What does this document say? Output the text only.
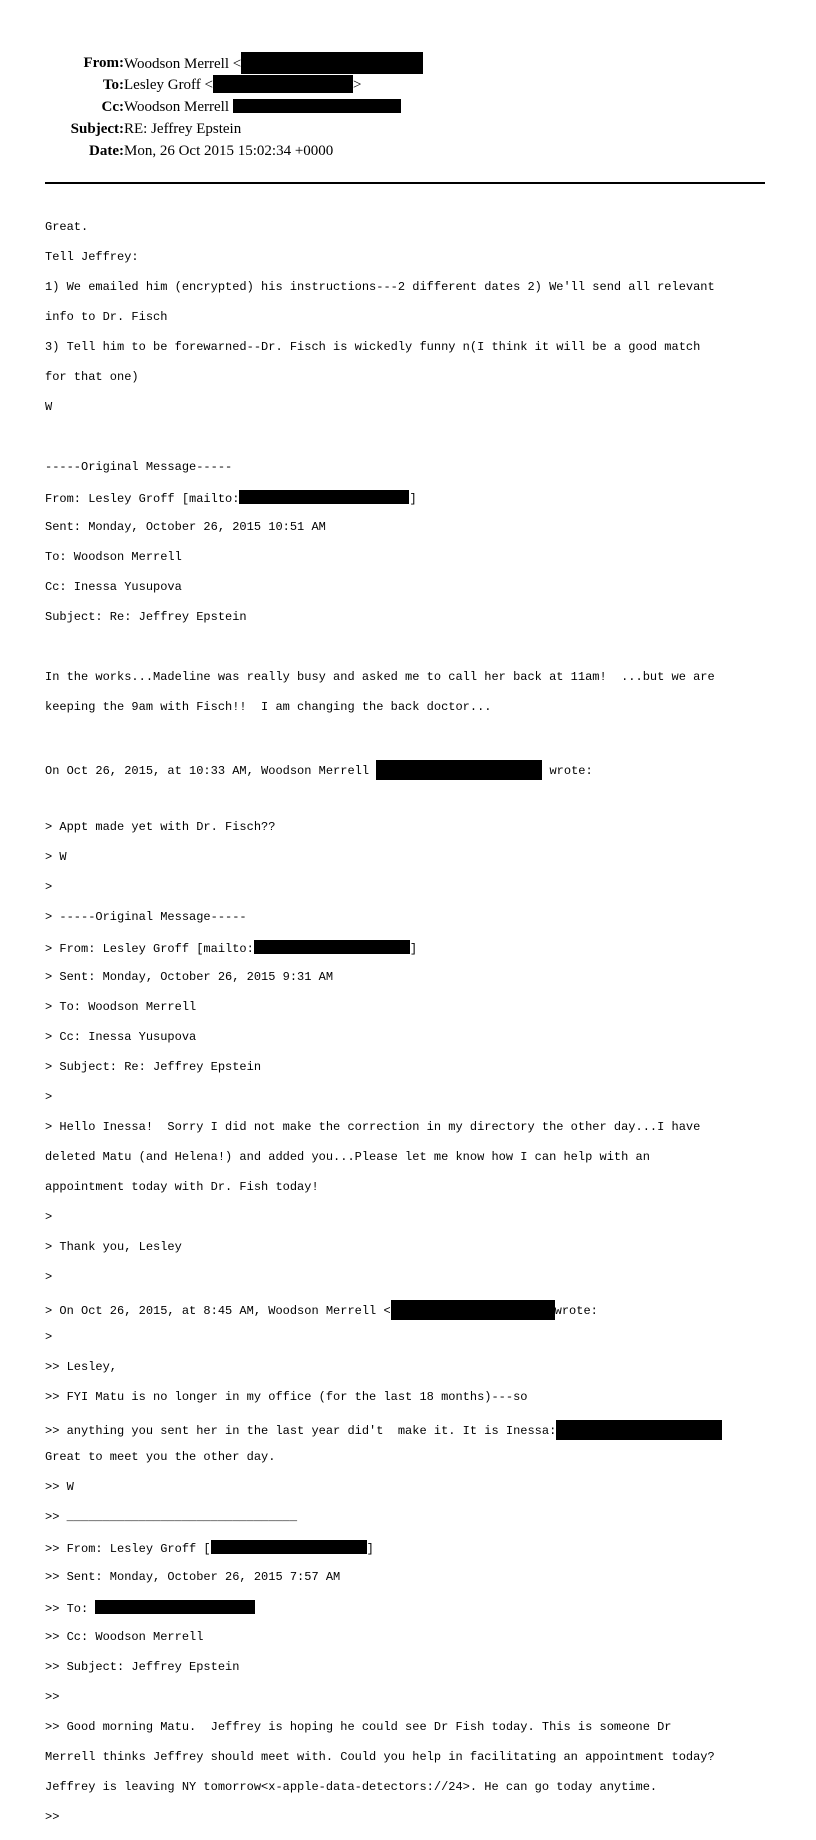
From: Woodson Merrell <
To: Lesley Groff <	>
Cc: Woodson Merrell
Subject: RE: Jeffrey Epstein
Date: Mon, 26 Oct 2015 15:02:34 +0000

Great.

Tell Jeffrey:

1) We emailed him (encrypted) his instructions---2 different dates 2) We'll send all relevant

info to Dr. Fisch

3) Tell him to be forewarned--Dr. Fisch is wickedly funny n(I think it will be a good match

for that one)

W

-----Original Message-----

From: Lesley Groff [mailto:	]

Sent: Monday, October 26, 2015 10:51 AM

To: Woodson Merrell

Cc: Inessa Yusupova

Subject: Re: Jeffrey Epstein

In the works...Madeline was really busy and asked me to call her back at 11am!  ...but we are

keeping the 9am with Fisch!!  I am changing the back doctor...

On Oct 26, 2015, at 10:33 AM, Woodson Merrell	wrote:

> Appt made yet with Dr. Fisch??

> W

>

> -----Original Message-----

> From: Lesley Groff [mailto:	]

> Sent: Monday, October 26, 2015 9:31 AM

> To: Woodson Merrell

> Cc: Inessa Yusupova

> Subject: Re: Jeffrey Epstein

>

> Hello Inessa!  Sorry I did not make the correction in my directory the other day...I have

deleted Matu (and Helena!) and added you...Please let me know how I can help with an

appointment today with Dr. Fish today!

>

> Thank you, Lesley

>

> On Oct 26, 2015, at 8:45 AM, Woodson Merrell <	wrote:

>

>> Lesley,

>> FYI Matu is no longer in my office (for the last 18 months)---so

>> anything you sent her in the last year did't  make it. It is Inessa:

Great to meet you the other day.

>> W

>> ________________________________

>> From: Lesley Groff [	]

>> Sent: Monday, October 26, 2015 7:57 AM

>> To:

>> Cc: Woodson Merrell

>> Subject: Jeffrey Epstein

>>

>> Good morning Matu.  Jeffrey is hoping he could see Dr Fish today. This is someone Dr

Merrell thinks Jeffrey should meet with. Could you help in facilitating an appointment today?

Jeffrey is leaving NY tomorrow<x-apple-data-detectors://24>. He can go today anytime.

>>
